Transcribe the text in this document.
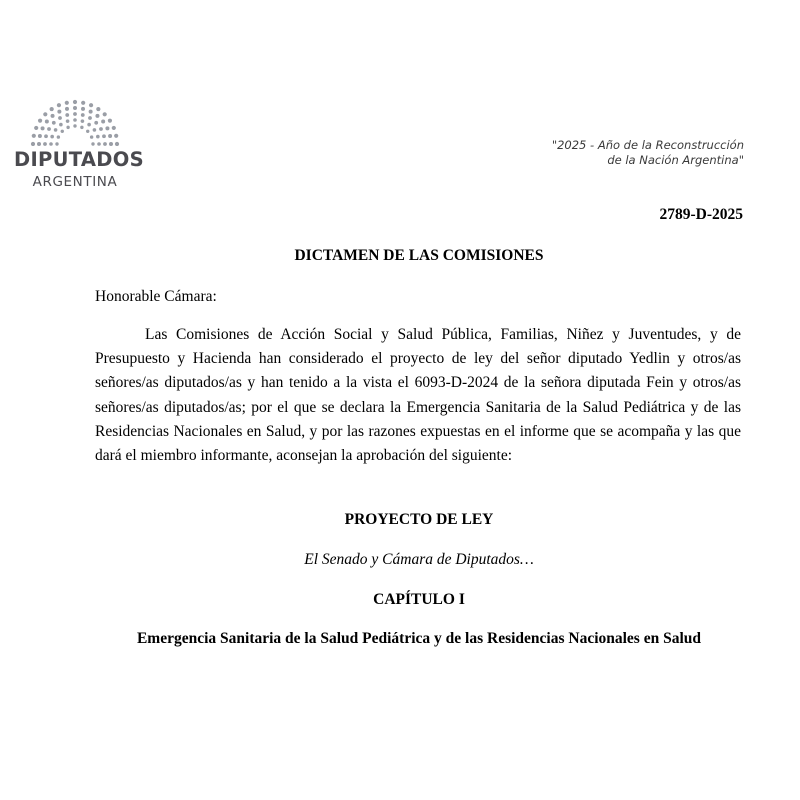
DIPUTADOS
ARGENTINA
"2025 - Año de la Reconstrucción
de la Nación Argentina"
2789-D-2025
DICTAMEN DE LAS COMISIONES
Honorable Cámara:

Las Comisiones de Acción Social y Salud Pública, Familias, Niñez y Juventudes, y de Presupuesto y Hacienda han considerado el proyecto de ley del señor diputado Yedlin y otros/as señores/as diputados/as y han tenido a la vista el 6093-D-2024 de la señora diputada Fein y otros/as señores/as diputados/as; por el que se declara la Emergencia Sanitaria de la Salud Pediátrica y de las Residencias Nacionales en Salud, y por las razones expuestas en el informe que se acompaña y las que dará el miembro informante, aconsejan la aprobación del siguiente:

PROYECTO DE LEY
El Senado y Cámara de Diputados…
CAPÍTULO I
Emergencia Sanitaria de la Salud Pediátrica y de las Residencias Nacionales en Salud
